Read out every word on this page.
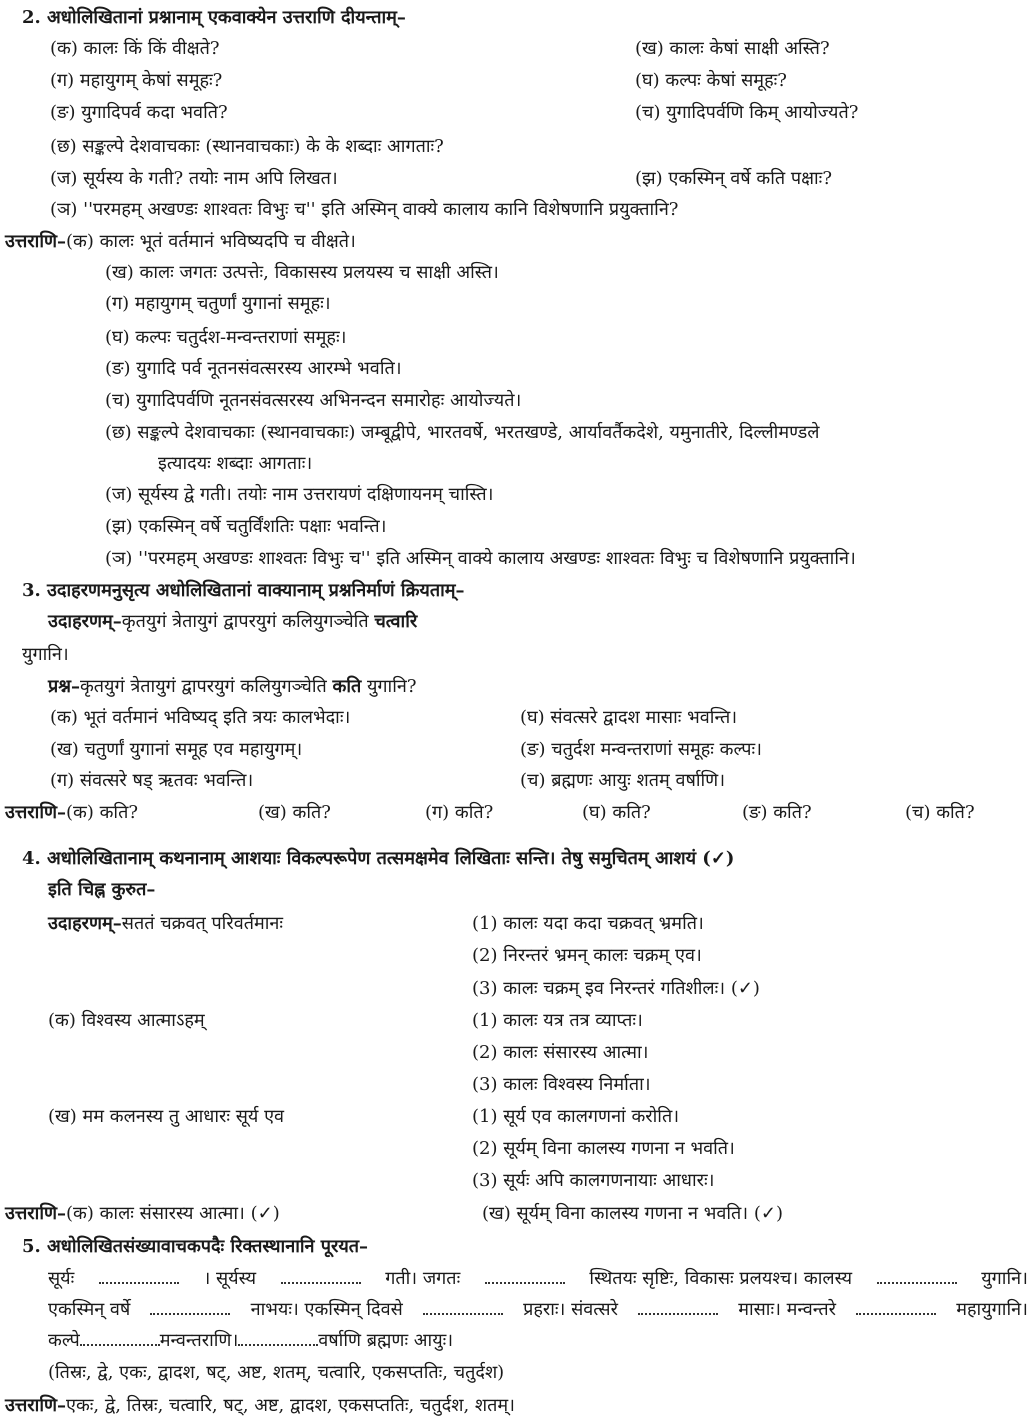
2. अधोलिखितानां प्रश्नानाम् एकवाक्येन उत्तराणि दीयन्ताम्–
(क) कालः किं किं वीक्षते?	(ख) कालः केषां साक्षी अस्ति?
(ग) महायुगम् केषां समूहः?	(घ) कल्पः केषां समूहः?
(ङ) युगादिपर्व कदा भवति?	(च) युगादिपर्वणि किम् आयोज्यते?
(छ) सङ्कल्पे देशवाचकाः (स्थानवाचकाः) के के शब्दाः आगताः?
(ज) सूर्यस्य के गती? तयोः नाम अपि लिखत।	(झ) एकस्मिन् वर्षे कति पक्षाः?
(ञ) ''परमहम् अखण्डः शाश्वतः विभुः च'' इति अस्मिन् वाक्ये कालाय कानि विशेषणानि प्रयुक्तानि?
उत्तराणि–(क) कालः भूतं वर्तमानं भविष्यदपि च वीक्षते।
(ख) कालः जगतः उत्पत्तेः, विकासस्य प्रलयस्य च साक्षी अस्ति।
(ग) महायुगम् चतुर्णां युगानां समूहः।
(घ) कल्पः चतुर्दश-मन्वन्तराणां समूहः।
(ङ) युगादि पर्व नूतनसंवत्सरस्य आरम्भे भवति।
(च) युगादिपर्वणि नूतनसंवत्सरस्य अभिनन्दन समारोहः आयोज्यते।
(छ) सङ्कल्पे देशवाचकाः (स्थानवाचकाः) जम्बूद्वीपे, भारतवर्षे, भरतखण्डे, आर्यावर्तैकदेशे, यमुनातीरे, दिल्लीमण्डले
इत्यादयः शब्दाः आगताः।
(ज) सूर्यस्य द्वे गती। तयोः नाम उत्तरायणं दक्षिणायनम् चास्ति।
(झ) एकस्मिन् वर्षे चतुर्विंशतिः पक्षाः भवन्ति।
(ञ) ''परमहम् अखण्डः शाश्वतः विभुः च'' इति अस्मिन् वाक्ये कालाय अखण्डः शाश्वतः विभुः च विशेषणानि प्रयुक्तानि।
3. उदाहरणमनुसृत्य अधोलिखितानां वाक्यानाम् प्रश्ननिर्माणं क्रियताम्–
उदाहरणम्–कृतयुगं त्रेतायुगं द्वापरयुगं कलियुगञ्चेति चत्वारि
युगानि।
प्रश्न–कृतयुगं त्रेतायुगं द्वापरयुगं कलियुगञ्चेति कति युगानि?
(क) भूतं वर्तमानं भविष्यद् इति त्रयः कालभेदाः।	(घ) संवत्सरे द्वादश मासाः भवन्ति।
(ख) चतुर्णां युगानां समूह एव महायुगम्।	(ङ) चतुर्दश मन्वन्तराणां समूहः कल्पः।
(ग) संवत्सरे षड् ऋतवः भवन्ति।	(च) ब्रह्मणः आयुः शतम् वर्षाणि।
उत्तराणि–(क) कति?	(ख) कति?	(ग) कति?	(घ) कति?	(ङ) कति?	(च) कति?
4. अधोलिखितानाम् कथनानाम् आशयाः विकल्परूपेण तत्समक्षमेव लिखिताः सन्ति। तेषु समुचितम् आशयं (✓)
इति चिह्न कुरुत–
उदाहरणम्–सततं चक्रवत् परिवर्तमानः	(1) कालः यदा कदा चक्रवत् भ्रमति।
(2) निरन्तरं भ्रमन् कालः चक्रम् एव।
(3) कालः चक्रम् इव निरन्तरं गतिशीलः। (✓)
(क) विश्वस्य आत्माऽहम्	(1) कालः यत्र तत्र व्याप्तः।
(2) कालः संसारस्य आत्मा।
(3) कालः विश्वस्य निर्माता।
(ख) मम कलनस्य तु आधारः सूर्य एव	(1) सूर्य एव कालगणनां करोति।
(2) सूर्यम् विना कालस्य गणना न भवति।
(3) सूर्यः अपि कालगणनायाः आधारः।
उत्तराणि–(क) कालः संसारस्य आत्मा। (✓)	(ख) सूर्यम् विना कालस्य गणना न भवति। (✓)
5. अधोलिखितसंख्यावाचकपदैः रिक्तस्थानानि पूरयत–
सूर्यः	। सूर्यस्य	गती। जगतः	स्थितयः सृष्टिः, विकासः प्रलयश्च। कालस्य	युगानि।
एकस्मिन् वर्षे	नाभयः। एकस्मिन् दिवसे	प्रहराः। संवत्सरे	मासाः। मन्वन्तरे	महायुगानि।
कल्पे	मन्वन्तराणि।	वर्षाणि ब्रह्मणः आयुः।
(तिस्रः, द्वे, एकः, द्वादश, षट्, अष्ट, शतम्, चत्वारि, एकसप्ततिः, चतुर्दश)
उत्तराणि–एकः, द्वे, तिस्रः, चत्वारि, षट्, अष्ट, द्वादश, एकसप्ततिः, चतुर्दश, शतम्।
